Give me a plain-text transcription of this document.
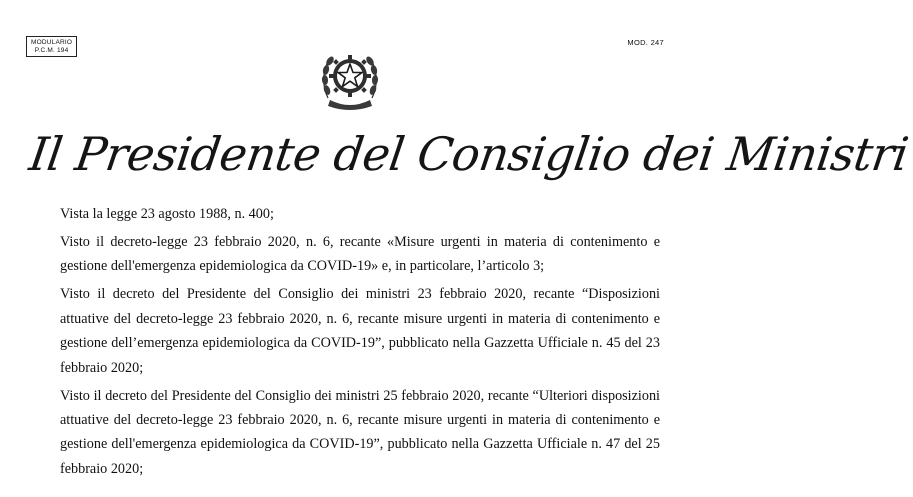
MODULARIO
P.C.M. 194
MOD. 247
Il Presidente del Consiglio dei Ministri

Vista la legge 23 agosto 1988, n. 400;

Visto il decreto-legge 23 febbraio 2020, n. 6, recante «Misure urgenti in materia di contenimento e gestione dell'emergenza epidemiologica da COVID-19» e, in particolare, l’articolo 3;

Visto il decreto del Presidente del Consiglio dei ministri 23 febbraio 2020, recante “Disposizioni attuative del decreto-legge 23 febbraio 2020, n. 6, recante misure urgenti in materia di contenimento e gestione dell’emergenza epidemiologica da COVID-19”, pubblicato nella Gazzetta Ufficiale n. 45 del 23 febbraio 2020;

Visto il decreto del Presidente del Consiglio dei ministri 25 febbraio 2020, recante “Ulteriori disposizioni attuative del decreto-legge 23 febbraio 2020, n. 6, recante misure urgenti in materia di contenimento e gestione dell'emergenza epidemiologica da COVID-19”, pubblicato nella Gazzetta Ufficiale n. 47 del 25 febbraio 2020;
